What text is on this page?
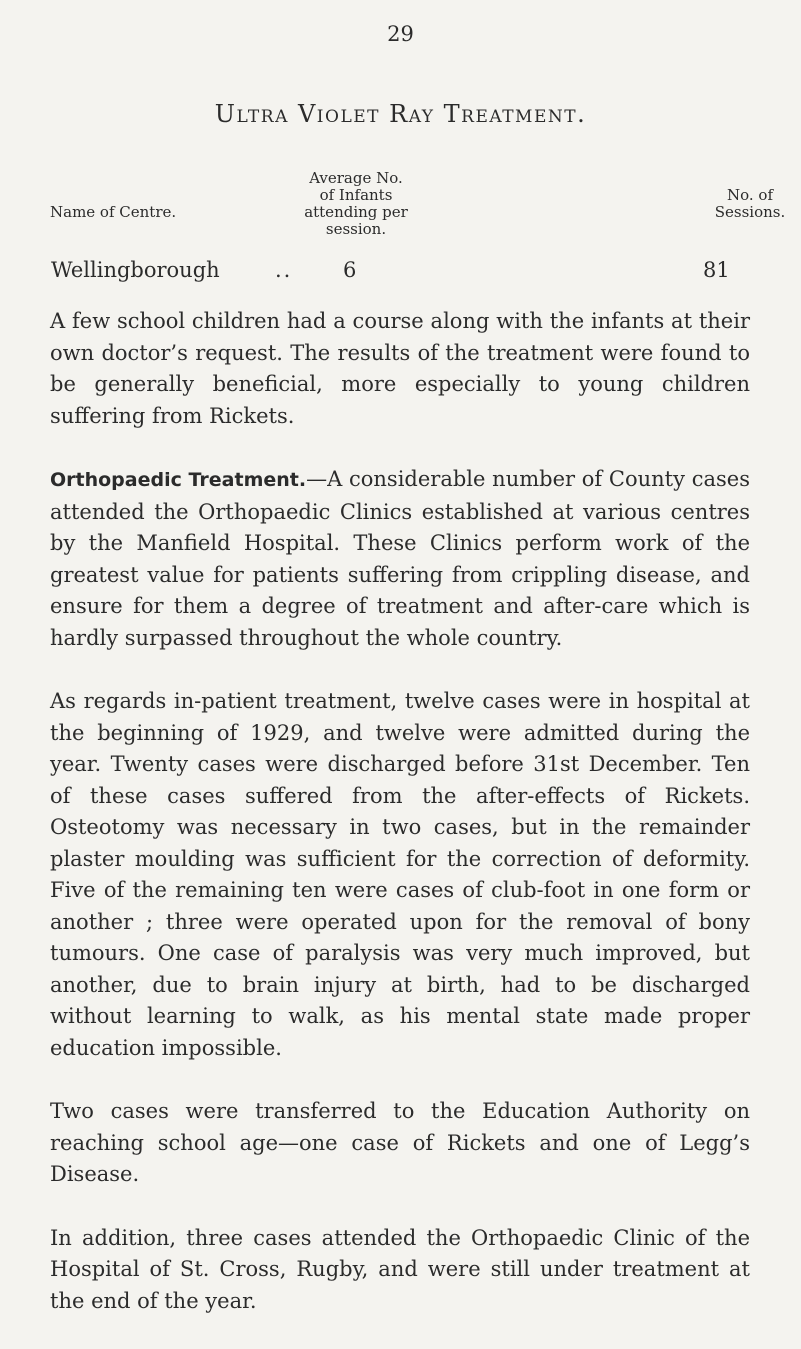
29
Ultra Violet Ray Treatment.
Name of Centre.
Average No.
of Infants
attending per
session.
No. of
Sessions.
Wellingborough	.. 6	81

A few school children had a course along with the infants at their own doctor’s request. The results of the treatment were found to be generally beneficial, more especially to young children suffering from Rickets.

Orthopaedic Treatment.—A considerable number of County cases attended the Orthopaedic Clinics established at various centres by the Manfield Hospital. These Clinics perform work of the greatest value for patients suffering from crippling disease, and ensure for them a degree of treatment and after-care which is hardly surpassed throughout the whole country.

As regards in-patient treatment, twelve cases were in hospital at the beginning of 1929, and twelve were admitted during the year. Twenty cases were discharged before 31st December. Ten of these cases suffered from the after-effects of Rickets. Osteotomy was necessary in two cases, but in the remainder plaster moulding was sufficient for the correction of deformity. Five of the remaining ten were cases of club-foot in one form or another ; three were operated upon for the removal of bony tumours. One case of paralysis was very much improved, but another, due to brain injury at birth, had to be discharged without learning to walk, as his mental state made proper education impossible.

Two cases were transferred to the Education Authority on reaching school age—one case of Rickets and one of Legg’s Disease.

In addition, three cases attended the Orthopaedic Clinic of the Hospital of St. Cross, Rugby, and were still under treatment at the end of the year.
